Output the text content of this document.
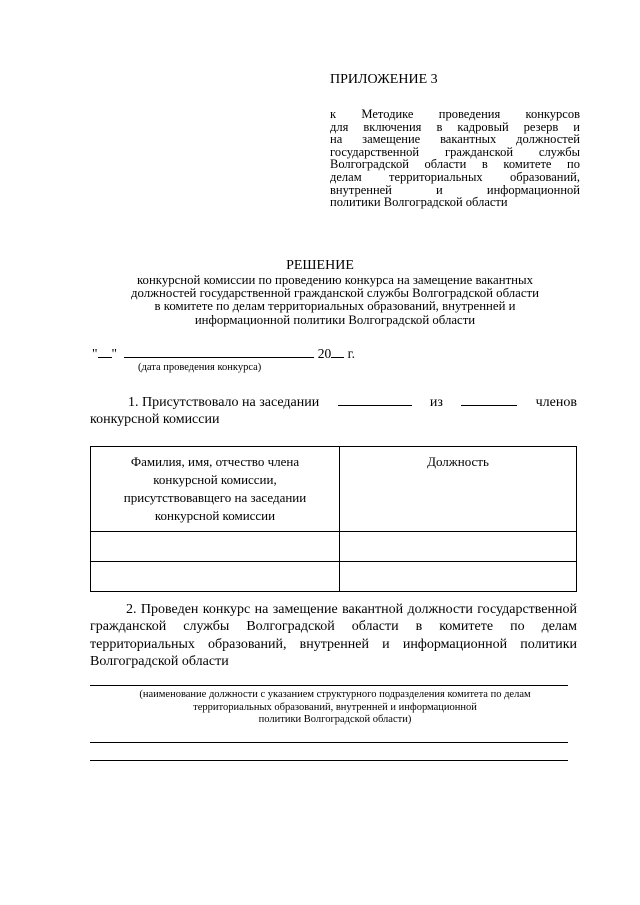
ПРИЛОЖЕНИЕ 3
к Методике проведения конкурсов
для включения в кадровый резерв и
на замещение вакантных должностей
государственной гражданской службы
Волгоградской области в комитете по
делам территориальных образований,
внутренней и информационной
политики Волгоградской области
РЕШЕНИЕ
конкурсной комиссии по проведению конкурса на замещение вакантных
должностей государственной гражданской службы Волгоградской области
в комитете по делам территориальных образований, внутренней и
информационной политики Волгоградской области
" "	20 г.
(дата проведения конкурса)
1. Присутствовало на заседании	из	членов
конкурсной комиссии
Фамилия, имя, отчество члена
конкурсной комиссии,
присутствовавщего на заседании
конкурсной комиссии	Должность

2. Проведен конкурс на замещение вакантной должности государственной гражданской службы Волгоградской области в комитете по делам территориальных образований, внутренней и информационной политики Волгоградской области
(наименование должности с указанием структурного подразделения комитета по делам
территориальных образований, внутренней и информационной
политики Волгоградской области)
